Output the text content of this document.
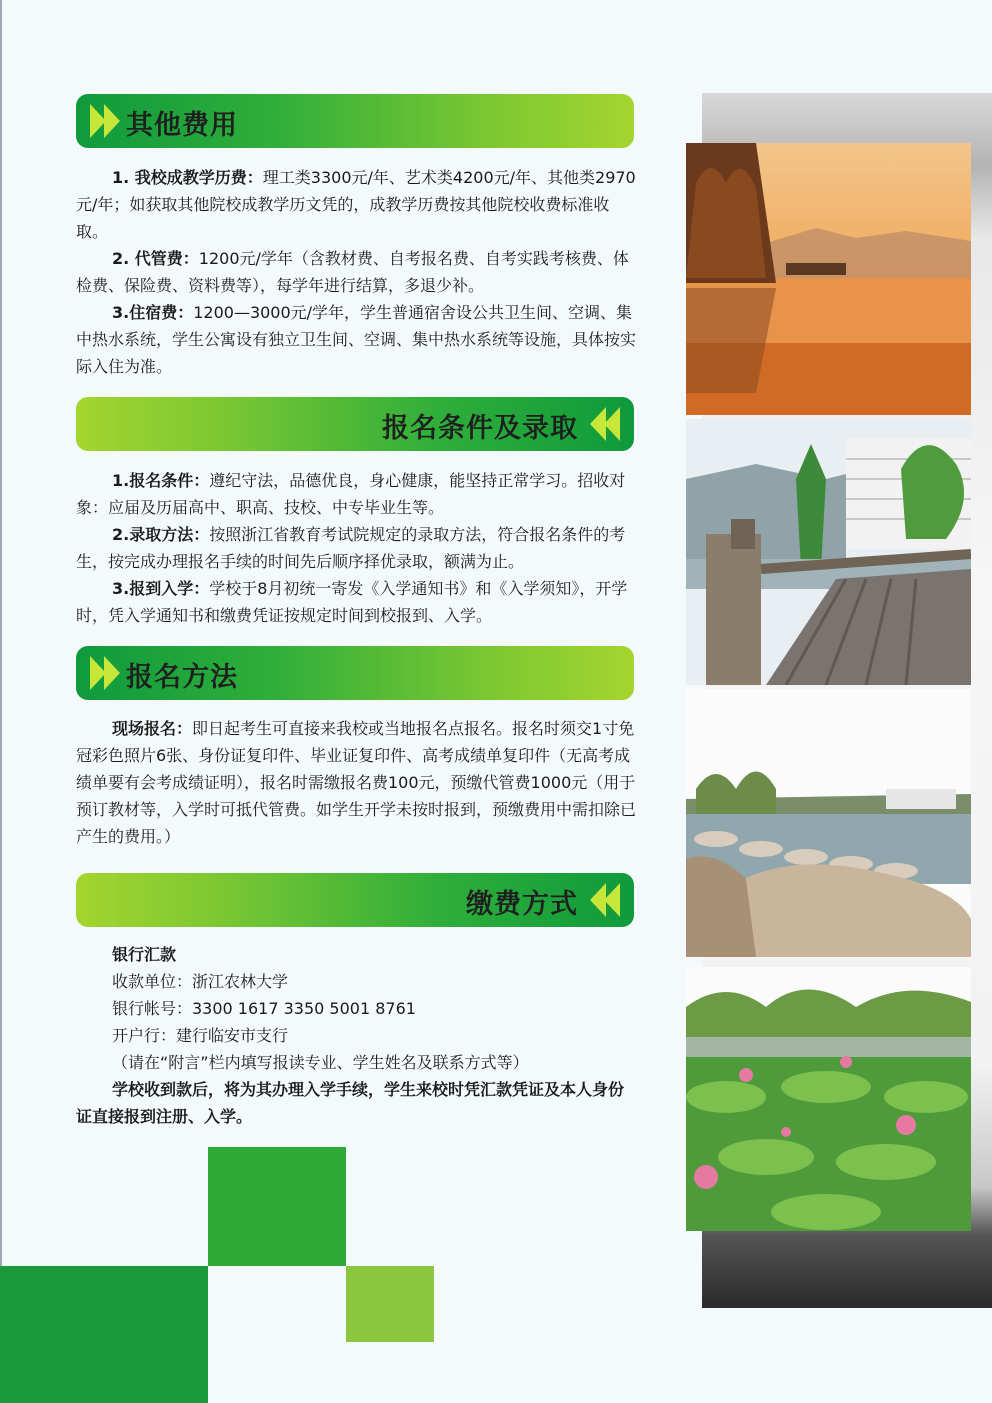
其他费用

1. 我校成教学历费：理工类3300元/年、艺术类4200元/年、其他类2970元/年；如获取其他院校成教学历文凭的，成教学历费按其他院校收费标准收取。

2. 代管费：1200元/学年（含教材费、自考报名费、自考实践考核费、体检费、保险费、资料费等），每学年进行结算，多退少补。

3.住宿费：1200—3000元/学年，学生普通宿舍设公共卫生间、空调、集中热水系统，学生公寓设有独立卫生间、空调、集中热水系统等设施，具体按实际入住为准。

报名条件及录取

1.报名条件：遵纪守法，品德优良，身心健康，能坚持正常学习。招收对象：应届及历届高中、职高、技校、中专毕业生等。

2.录取方法：按照浙江省教育考试院规定的录取方法，符合报名条件的考生，按完成办理报名手续的时间先后顺序择优录取，额满为止。

3.报到入学：学校于8月初统一寄发《入学通知书》和《入学须知》，开学时，凭入学通知书和缴费凭证按规定时间到校报到、入学。

报名方法

现场报名：即日起考生可直接来我校或当地报名点报名。报名时须交1寸免冠彩色照片6张、身份证复印件、毕业证复印件、高考成绩单复印件（无高考成绩单要有会考成绩证明），报名时需缴报名费100元，预缴代管费1000元（用于预订教材等，入学时可抵代管费。如学生开学未按时报到，预缴费用中需扣除已产生的费用。）

缴费方式

银行汇款

收款单位：浙江农林大学

银行帐号：3300 1617 3350 5001 8761

开户行：建行临安市支行

（请在“附言”栏内填写报读专业、学生姓名及联系方式等）

学校收到款后，将为其办理入学手续，学生来校时凭汇款凭证及本人身份证直接报到注册、入学。
